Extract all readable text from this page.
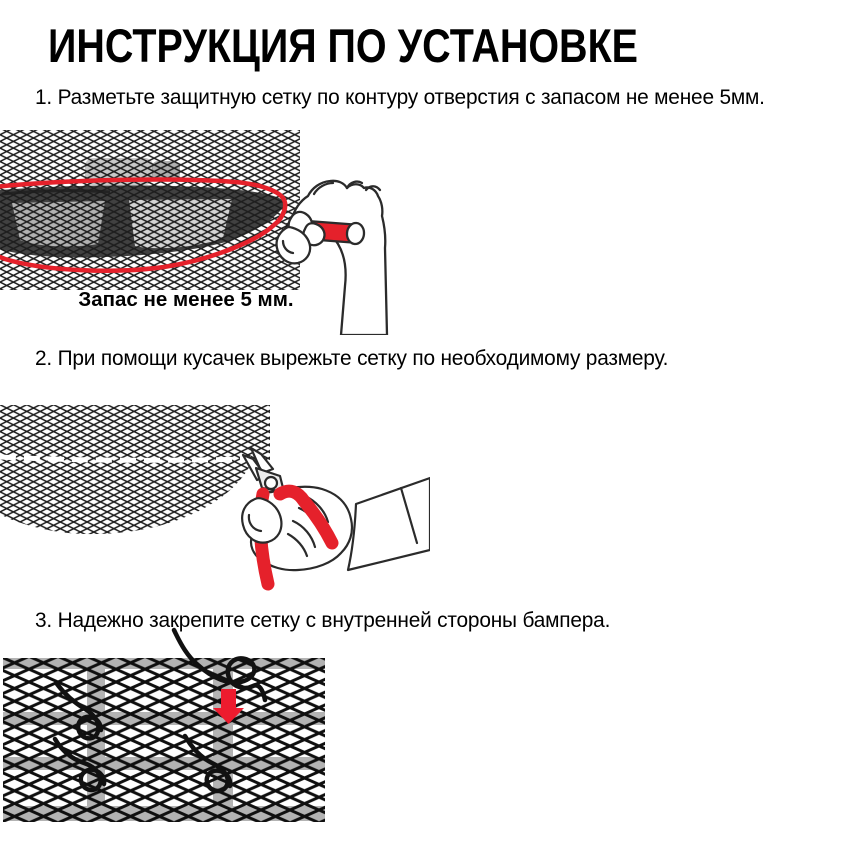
ИНСТРУКЦИЯ ПО УСТАНОВКЕ
1. Разметьте защитную сетку по контуру отверстия с запасом не менее 5мм.
Запас не менее 5 мм.
2. При помощи кусачек вырежьте сетку по необходимому размеру.
3. Надежно закрепите сетку с внутренней стороны бампера.
